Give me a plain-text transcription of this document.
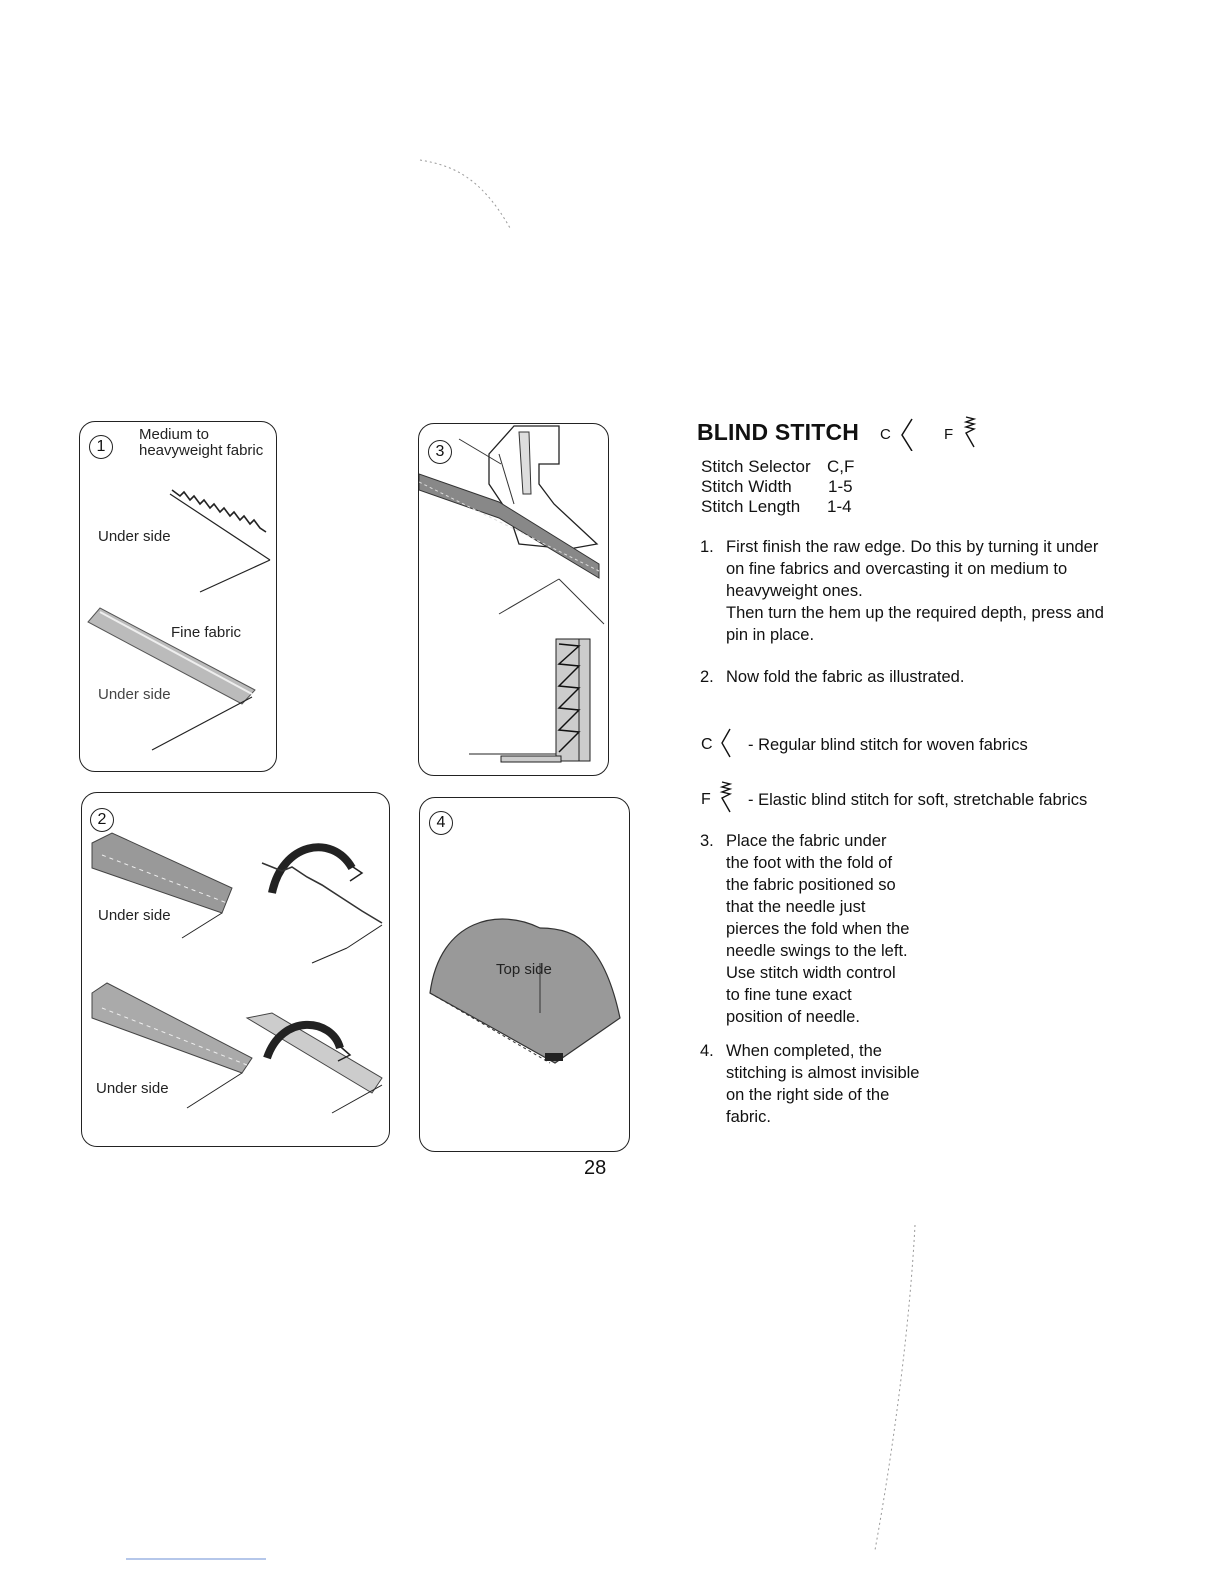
1
Medium to
heavyweight fabric
Under side
Fine fabric
Under side
3
2
Under side
Under side
4
Top side
BLIND STITCH C	F
Stitch Selector C,F
Stitch Width 1-5
Stitch Length 1-4
1. First finish the raw edge. Do this by turning it under
on fine fabrics and overcasting it on medium to
heavyweight ones.
Then turn the hem up the required depth, press and
pin in place.
2. Now fold the fabric as illustrated.
C - Regular blind stitch for woven fabrics
F - Elastic blind stitch for soft, stretchable fabrics
3. Place the fabric under
the foot with the fold of
the fabric positioned so
that the needle just
pierces the fold when the
needle swings to the left.
Use stitch width control
to fine tune exact
position of needle.
4. When completed, the
stitching is almost invisible
on the right side of the
fabric.
28
